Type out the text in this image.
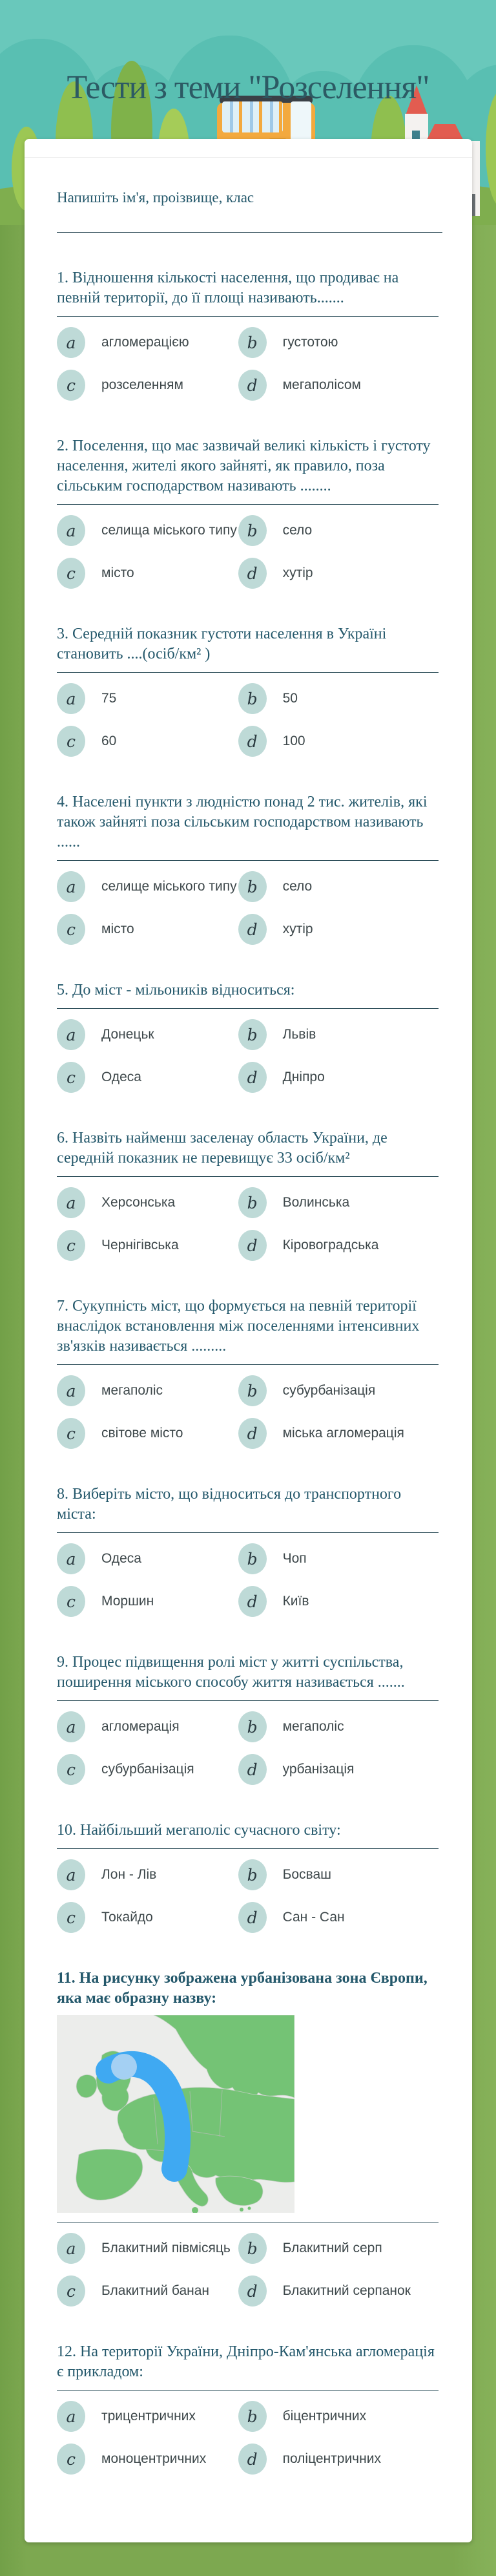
Тести з теми "Розселення"

Напишіть ім'я, проізвище, клас

1. Відношення кількості населення, що продиває на певній території, до її площі називають.......

a агломерацією	b густотою
c розселенням	d мегаполісом

2. Поселення, що має зазвичай великі кількість і густоту населення, жителі якого зайняті, як правило, поза сільським господарством називають ........

a селища міського типу b село
c місто	d хутір

3. Середній показник густоти населення в Україні становить ....(осіб/км² )

a 75	b 50
c 60	d 100

4. Населені пункти з людністю понад 2 тис. жителів, які також зайняті поза сільським господарством називають ......

a селище міського типу b село
c місто	d хутір

5. До міст - мільоників відноситься:

a Донецьк	b Львів
c Одеса	d Дніпро

6. Назвіть найменш заселенау область України, де середній показник не перевищує 33 осіб/км²

a Херсонська	b Волинська
c Чернігівська	d Кіровоградська

7. Сукупність міст, що формується на певній території внаслідок встановлення між поселеннями інтенсивних зв'язків називається .........

a мегаполіс	b субурбанізація
c світове місто	d міська агломерація

8. Виберіть місто, що відноситься до транспортного міста:

a Одеса	b Чоп
c Моршин	d Київ

9. Процес підвищення ролі міст у житті суспільства, поширення міського способу життя називається .......

a агломерація	b мегаполіс
c субурбанізація	d урбанізація

10. Найбільший мегаполіс сучасного світу:

a Лон - Лів	b Босваш
c Токайдо	d Сан - Сан

11. На рисунку зображена урбанізована зона Європи, яка має образну назву:

a Блакитний півмісяць b Блакитний серп
c Блакитний банан d Блакитний серпанок

12. На території України, Дніпро-Кам'янська агломерація є прикладом:

a трицентричних	b біцентричних
c моноцентричних	d поліцентричних
